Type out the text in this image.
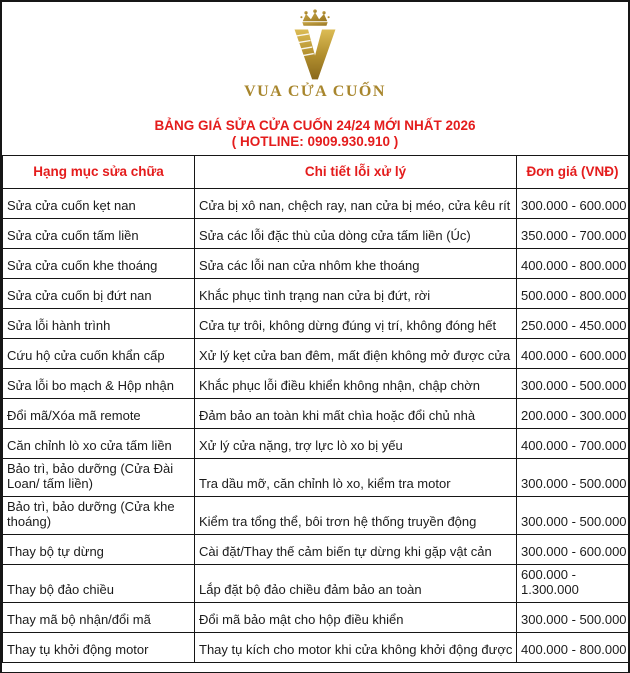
VUA CỬA CUỐN
BẢNG GIÁ SỬA CỬA CUỐN 24/24 MỚI NHẤT 2026
( HOTLINE: 0909.930.910 )
Hạng mục sửa chữa	Chi tiết lỗi xử lý	Đơn giá (VNĐ)
Sửa cửa cuốn kẹt nan	Cửa bị xô nan, chệch ray, nan cửa bị méo, cửa kêu rít	300.000 - 600.000
Sửa cửa cuốn tấm liền	Sửa các lỗi đặc thù của dòng cửa tấm liền (Úc)	350.000 - 700.000
Sửa cửa cuốn khe thoáng	Sửa các lỗi nan cửa nhôm khe thoáng	400.000 - 800.000
Sửa cửa cuốn bị đứt nan	Khắc phục tình trạng nan cửa bị đứt, rời	500.000 - 800.000
Sửa lỗi hành trình	Cửa tự trôi, không dừng đúng vị trí, không đóng hết	250.000 - 450.000
Cứu hộ cửa cuốn khẩn cấp	Xử lý kẹt cửa ban đêm, mất điện không mở được cửa	400.000 - 600.000
Sửa lỗi bo mạch & Hộp nhận	Khắc phục lỗi điều khiển không nhận, chập chờn	300.000 - 500.000
Đổi mã/Xóa mã remote	Đảm bảo an toàn khi mất chìa hoặc đổi chủ nhà	200.000 - 300.000
Căn chỉnh lò xo cửa tấm liền	Xử lý cửa nặng, trợ lực lò xo bị yếu	400.000 - 700.000
Bảo trì, bảo dưỡng (Cửa Đài Loan/ tấm liền)	Tra dầu mỡ, căn chỉnh lò xo, kiểm tra motor	300.000 - 500.000
Bảo trì, bảo dưỡng (Cửa khe thoáng)	Kiểm tra tổng thể, bôi trơn hệ thống truyền động	300.000 - 500.000
Thay bộ tự dừng	Cài đặt/Thay thế cảm biến tự dừng khi gặp vật cản	300.000 - 600.000
Thay bộ đảo chiều	Lắp đặt bộ đảo chiều đảm bảo an toàn	600.000 - 1.300.000
Thay mã bộ nhận/đổi mã	Đổi mã bảo mật cho hộp điều khiển	300.000 - 500.000
Thay tụ khởi động motor	Thay tụ kích cho motor khi cửa không khởi động được	400.000 - 800.000
